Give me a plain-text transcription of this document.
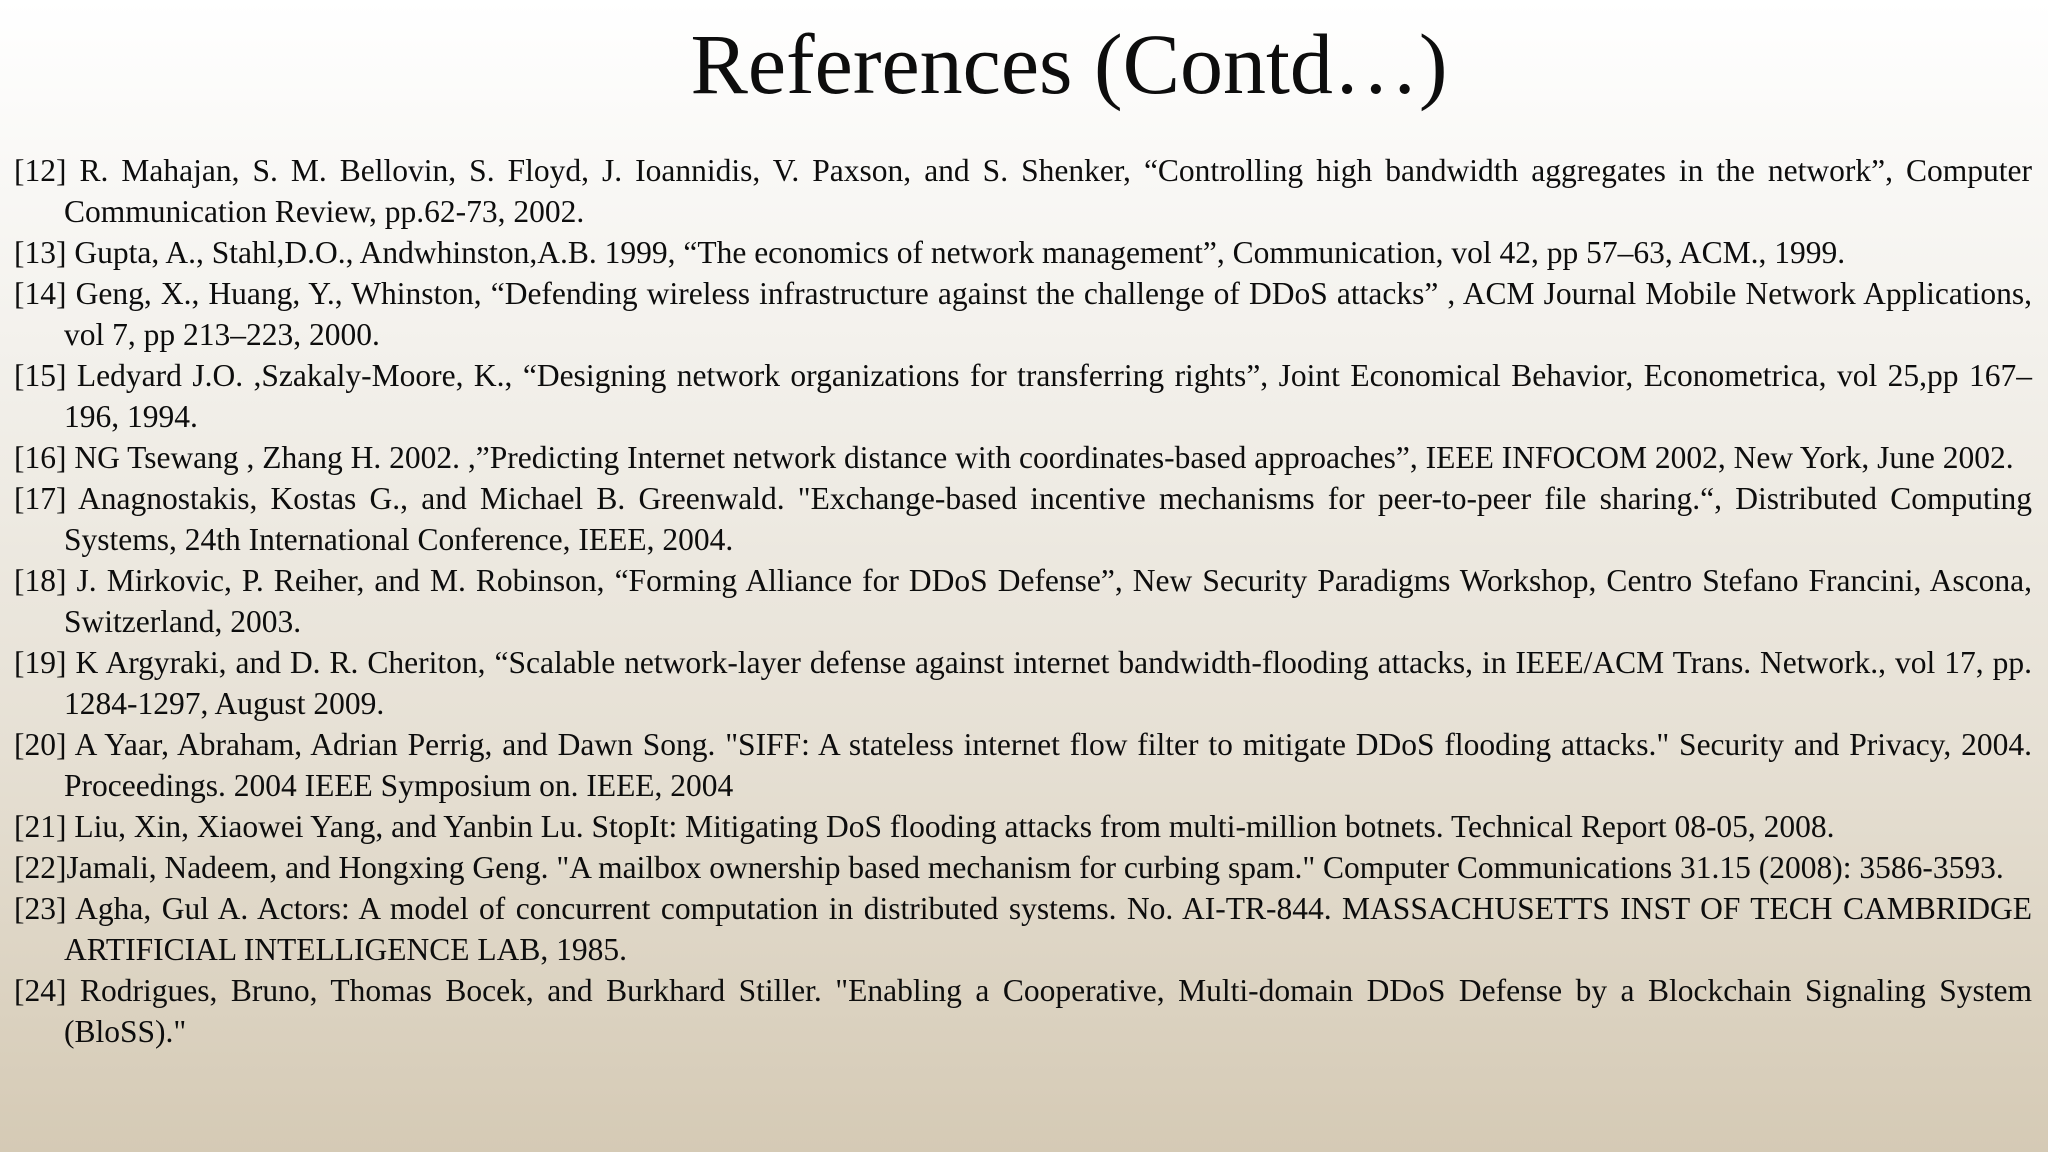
References (Contd…)
[12] R. Mahajan, S. M. Bellovin, S. Floyd, J. Ioannidis, V. Paxson, and S. Shenker, “Controlling high bandwidth aggregates in the network”, Computer Communication Review, pp.62-73, 2002.
[13] Gupta, A., Stahl,D.O., Andwhinston,A.B. 1999, “The economics of network management”, Communication, vol 42, pp 57–63, ACM., 1999.
[14] Geng, X., Huang, Y., Whinston, “Defending wireless infrastructure against the challenge of DDoS attacks” , ACM Journal Mobile Network Applications, vol 7, pp 213–223, 2000.
[15] Ledyard J.O. ,Szakaly-Moore, K., “Designing network organizations for transferring rights”, Joint Economical Behavior, Econometrica, vol 25,pp 167–196, 1994.
[16] NG Tsewang , Zhang H. 2002. ,”Predicting Internet network distance with coordinates-based approaches”, IEEE INFOCOM 2002, New York, June 2002.
[17] Anagnostakis, Kostas G., and Michael B. Greenwald. "Exchange-based incentive mechanisms for peer-to-peer file sharing.“, Distributed Computing Systems, 24th International Conference, IEEE, 2004.
[18] J. Mirkovic, P. Reiher, and M. Robinson, “Forming Alliance for DDoS Defense”, New Security Paradigms Workshop, Centro Stefano Francini, Ascona, Switzerland, 2003.
[19] K Argyraki, and D. R. Cheriton, “Scalable network-layer defense against internet bandwidth-flooding attacks, in IEEE/ACM Trans. Network., vol 17, pp. 1284-1297, August 2009.
[20] A Yaar, Abraham, Adrian Perrig, and Dawn Song. "SIFF: A stateless internet flow filter to mitigate DDoS flooding attacks." Security and Privacy, 2004. Proceedings. 2004 IEEE Symposium on. IEEE, 2004
[21] Liu, Xin, Xiaowei Yang, and Yanbin Lu. StopIt: Mitigating DoS flooding attacks from multi-million botnets. Technical Report 08-05, 2008.
[22]Jamali, Nadeem, and Hongxing Geng. "A mailbox ownership based mechanism for curbing spam." Computer Communications 31.15 (2008): 3586-3593.
[23] Agha, Gul A. Actors: A model of concurrent computation in distributed systems. No. AI-TR-844. MASSACHUSETTS INST OF TECH CAMBRIDGE ARTIFICIAL INTELLIGENCE LAB, 1985.
[24] Rodrigues, Bruno, Thomas Bocek, and Burkhard Stiller. "Enabling a Cooperative, Multi-domain DDoS Defense by a Blockchain Signaling System (BloSS)."
